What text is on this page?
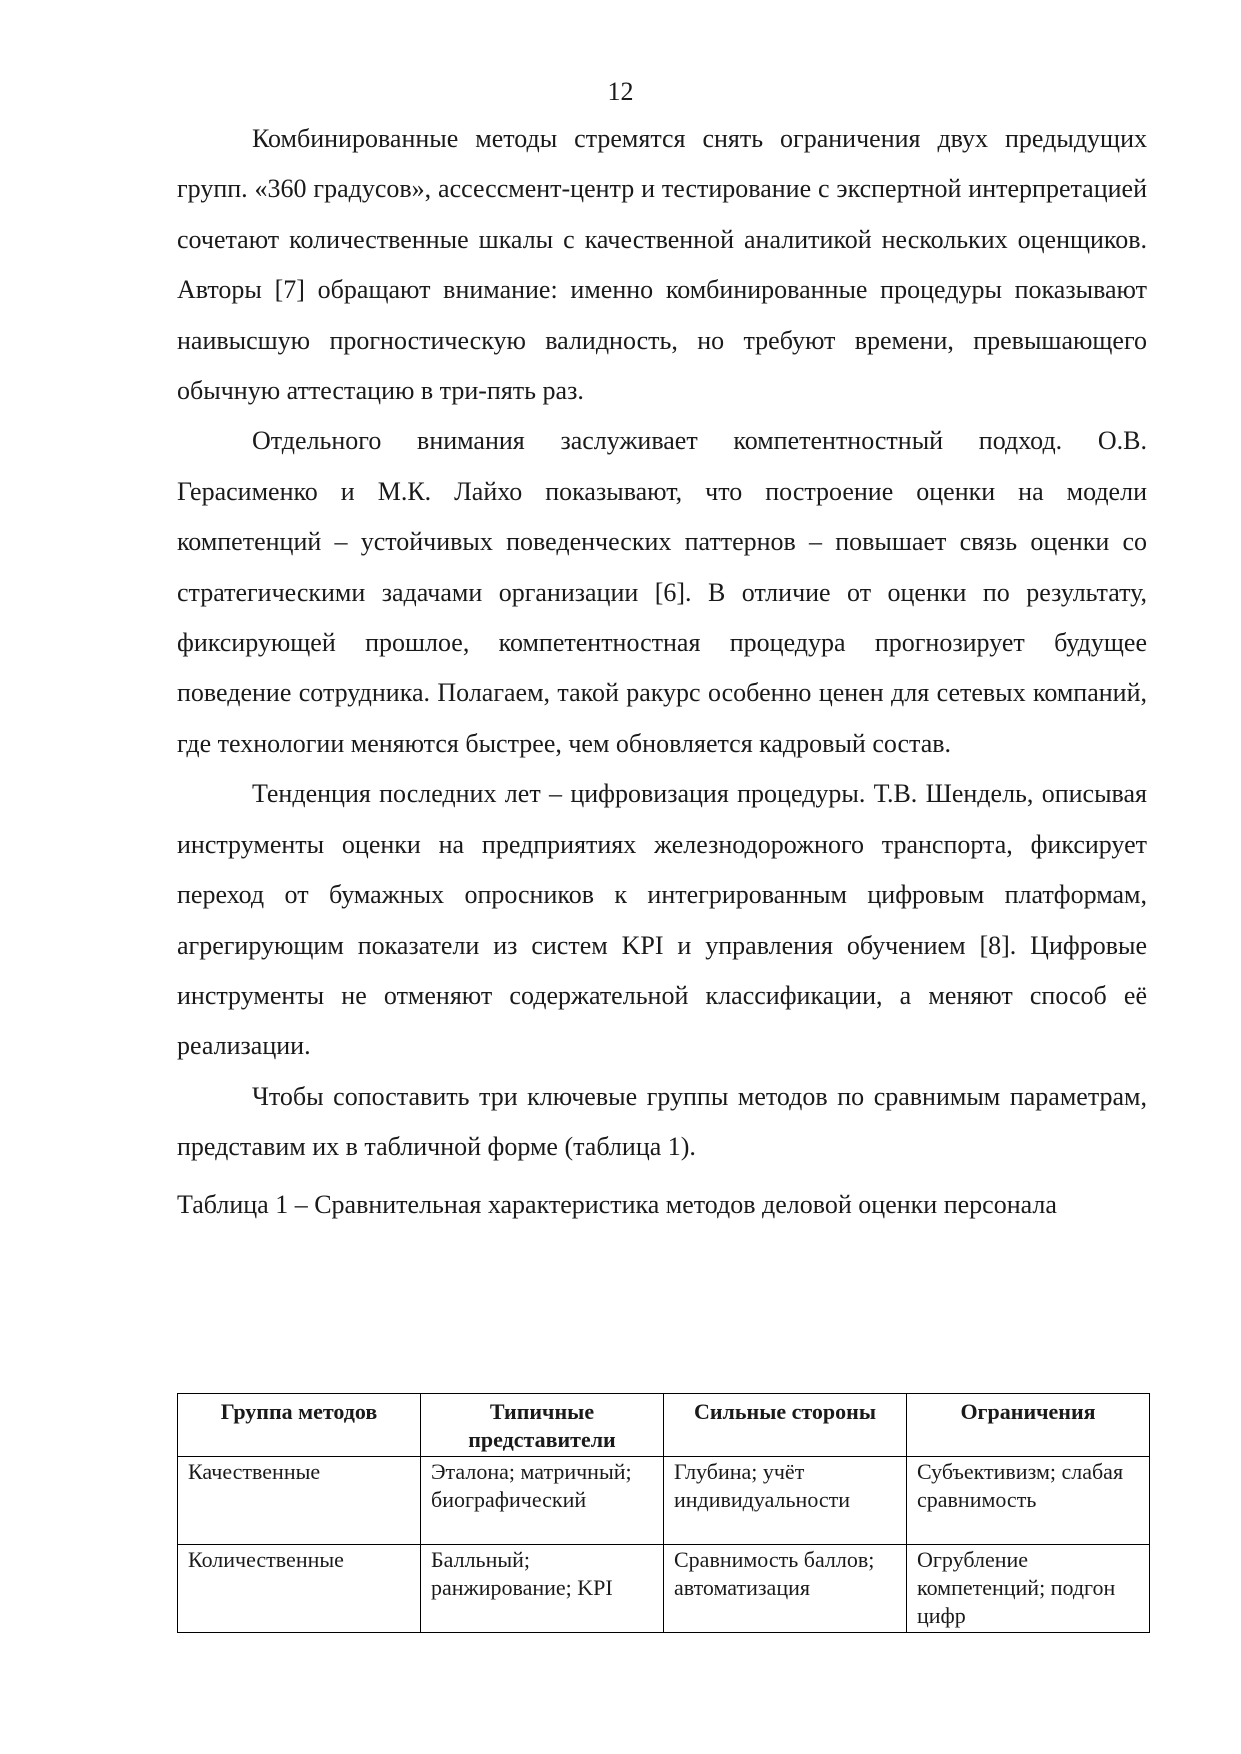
12

Комбинированные методы стремятся снять ограничения двух предыдущих групп. «360 градусов», ассессмент-центр и тестирование с экспертной интерпретацией сочетают количественные шкалы с качественной аналитикой нескольких оценщиков. Авторы [7] обращают внимание: именно комбинированные процедуры показывают наивысшую прогностическую валидность, но требуют времени, превышающего обычную аттестацию в три-пять раз.

Отдельного внимания заслуживает компетентностный подход. О.В. Герасименко и М.К. Лайхо показывают, что построение оценки на модели компетенций – устойчивых поведенческих паттернов – повышает связь оценки со стратегическими задачами организации [6]. В отличие от оценки по результату, фиксирующей прошлое, компетентностная процедура прогнозирует будущее поведение сотрудника. Полагаем, такой ракурс особенно ценен для сетевых компаний, где технологии меняются быстрее, чем обновляется кадровый состав.

Тенденция последних лет – цифровизация процедуры. Т.В. Шендель, описывая инструменты оценки на предприятиях железнодорожного транспорта, фиксирует переход от бумажных опросников к интегрированным цифровым платформам, агрегирующим показатели из систем KPI и управления обучением [8]. Цифровые инструменты не отменяют содержательной классификации, а меняют способ её реализации.

Чтобы сопоставить три ключевые группы методов по сравнимым параметрам, представим их в табличной форме (таблица 1).

Таблица 1 – Сравнительная характеристика методов деловой оценки персонала

Группа методов	Типичные представители	Сильные стороны	Ограничения
Качественные	Эталона; матричный; биографический	Глубина; учёт индивидуальности	Субъективизм; слабая сравнимость
Количественные	Балльный; ранжирование; KPI	Сравнимость баллов; автоматизация	Огрубление компетенций; подгон цифр
